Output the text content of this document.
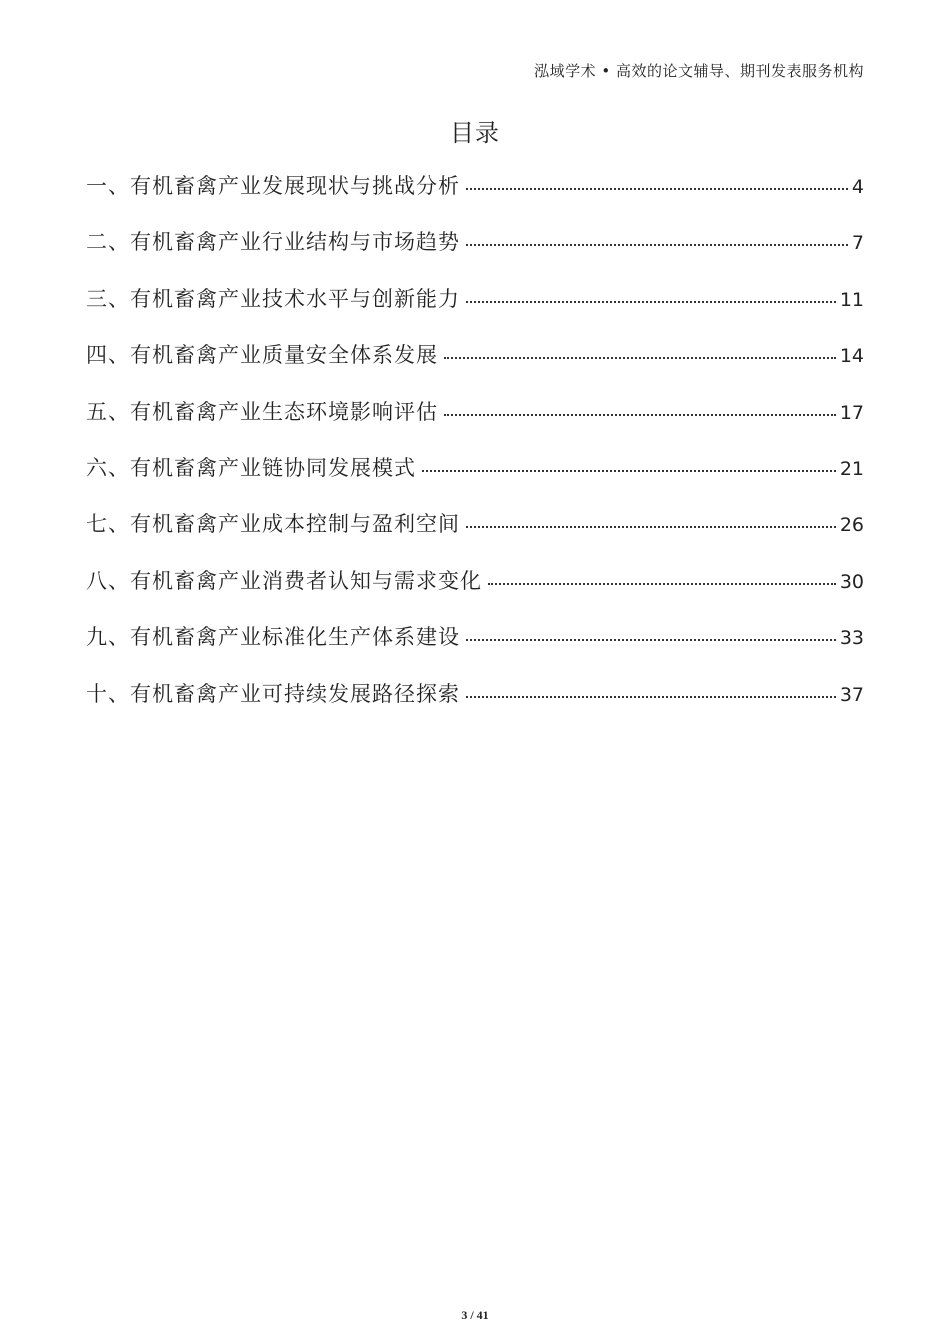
泓域学术 • 高效的论文辅导、期刊发表服务机构
目录
一、 有机畜禽产业发展现状与挑战分析	4
二、 有机畜禽产业行业结构与市场趋势	7
三、 有机畜禽产业技术水平与创新能力	11
四、 有机畜禽产业质量安全体系发展	14
五、 有机畜禽产业生态环境影响评估	17
六、 有机畜禽产业链协同发展模式	21
七、 有机畜禽产业成本控制与盈利空间	26
八、 有机畜禽产业消费者认知与需求变化	30
九、 有机畜禽产业标准化生产体系建设	33
十、 有机畜禽产业可持续发展路径探索	37
3 / 41
